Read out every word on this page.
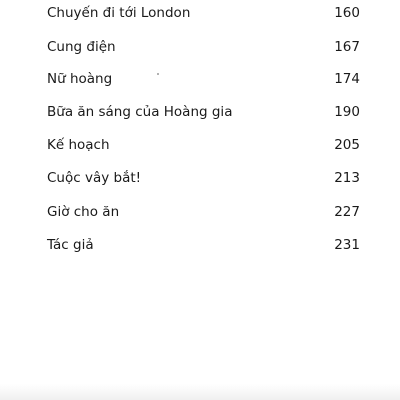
Chuyến đi tới London	160
Cung điện	167
Nữ hoàng	174
Bữa ăn sáng của Hoàng gia	190
Kế hoạch	205
Cuộc vây bắt!	213
Giờ cho ăn	227
Tác giả	231
